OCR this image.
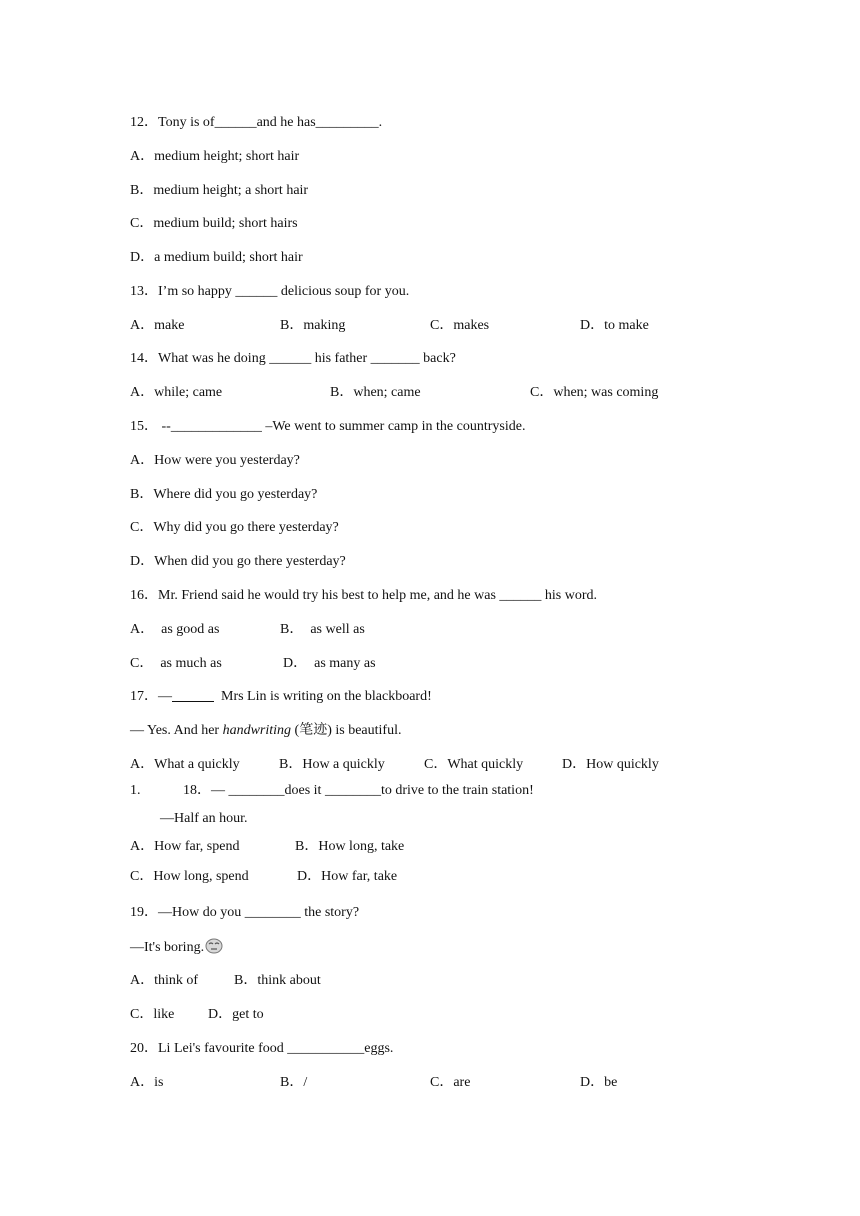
12．Tony is of______and he has_________.
A．medium height; short hair
B．medium height; a short hair
C．medium build; short hairs
D．a medium build; short hair
13．I’m so happy ______ delicious soup for you.
A．make	B．making	C．makes	D．to make
14．What was he doing ______ his father _______ back?
A．while; came	B．when; came	C．when; was coming
15． --_____________ –We went to summer camp in the countryside.
A．How were you yesterday?
B．Where did you go yesterday?
C．Why did you go there yesterday?
D．When did you go there yesterday?
16．Mr. Friend said he would try his best to help me, and he was ______ his word.
A．  as good as	B．  as well as
C．  as much as	D．  as many as
17．—	Mrs Lin is writing on the blackboard!
— Yes. And her handwriting (笔迹) is beautiful.
A．What a quickly	B．How a quickly	C．What quickly	D．How quickly
1.	18．— ________does it ________to drive to the train station!
—Half an hour.
A．How far, spend	B．How long, take
C．How long, spend	D．How far, take
19．—How do you ________ the story?
—It's boring.
A．think of	B．think about
C．like D．get to
20．Li Lei's favourite food ___________eggs.
A．is	B．/	C．are	D．be
